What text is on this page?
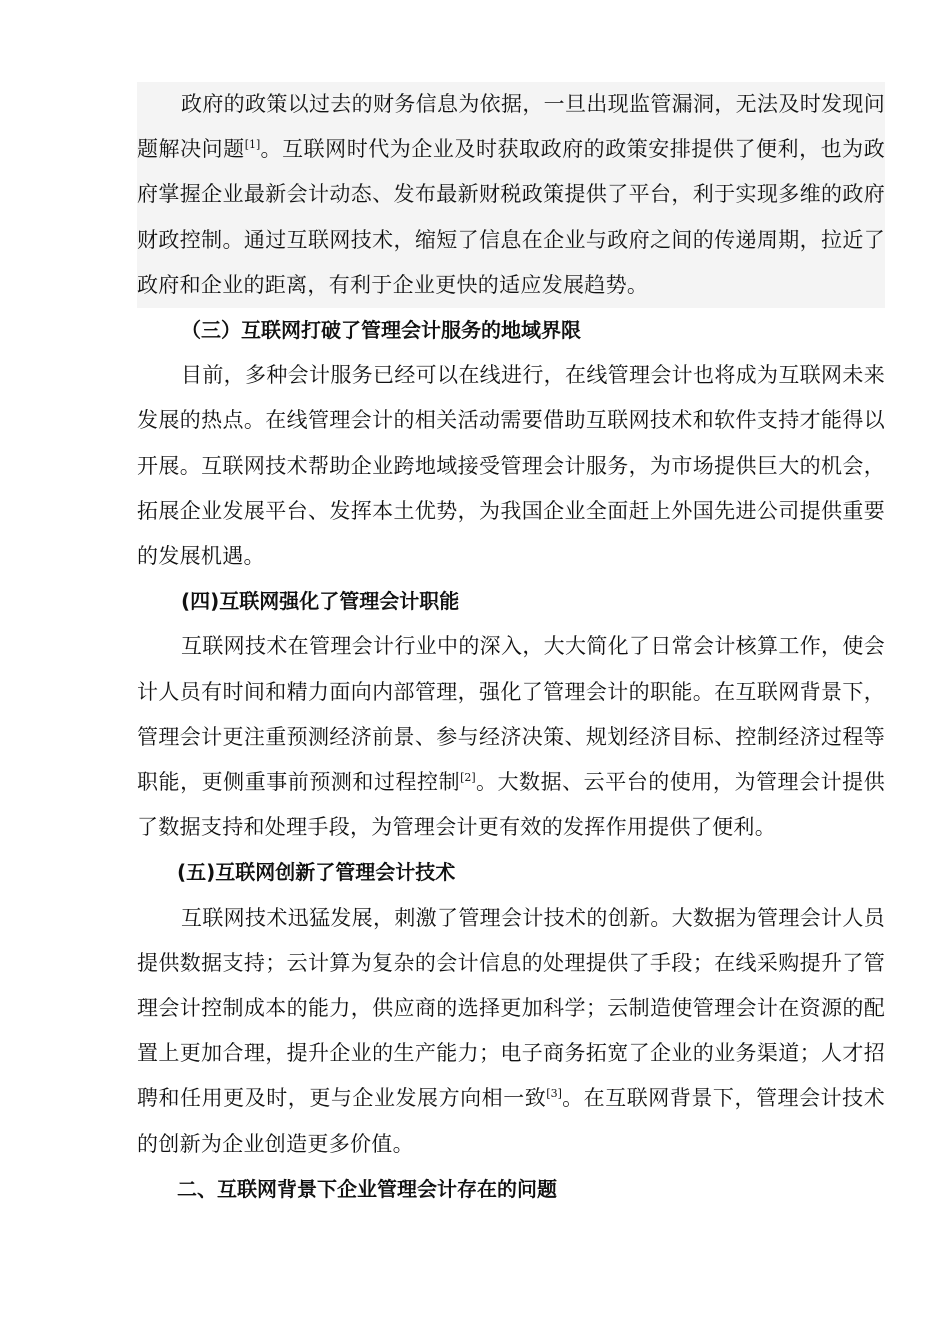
政府的政策以过去的财务信息为依据，一旦出现监管漏洞，无法及时发现问题解决问题[1]。互联网时代为企业及时获取政府的政策安排提供了便利，也为政府掌握企业最新会计动态、发布最新财税政策提供了平台，利于实现多维的政府财政控制。通过互联网技术，缩短了信息在企业与政府之间的传递周期，拉近了政府和企业的距离，有利于企业更快的适应发展趋势。

（三）互联网打破了管理会计服务的地域界限

目前，多种会计服务已经可以在线进行，在线管理会计也将成为互联网未来发展的热点。在线管理会计的相关活动需要借助互联网技术和软件支持才能得以开展。互联网技术帮助企业跨地域接受管理会计服务，为市场提供巨大的机会， 拓展企业发展平台、发挥本土优势，为我国企业全面赶上外国先进公司提供重要的发展机遇。

(四)互联网强化了管理会计职能

互联网技术在管理会计行业中的深入，大大简化了日常会计核算工作，使会计人员有时间和精力面向内部管理，强化了管理会计的职能。在互联网背景下，管理会计更注重预测经济前景、参与经济决策、规划经济目标、控制经济过程等职能，更侧重事前预测和过程控制[2]。大数据、云平台的使用，为管理会计提供了数据支持和处理手段，为管理会计更有效的发挥作用提供了便利。

(五)互联网创新了管理会计技术

互联网技术迅猛发展，刺激了管理会计技术的创新。大数据为管理会计人员提供数据支持；云计算为复杂的会计信息的处理提供了手段；在线采购提升了管理会计控制成本的能力，供应商的选择更加科学；云制造使管理会计在资源的配置上更加合理，提升企业的生产能力；电子商务拓宽了企业的业务渠道；人才招聘和任用更及时，更与企业发展方向相一致[3]。在互联网背景下，管理会计技术的创新为企业创造更多价值。

二、互联网背景下企业管理会计存在的问题
